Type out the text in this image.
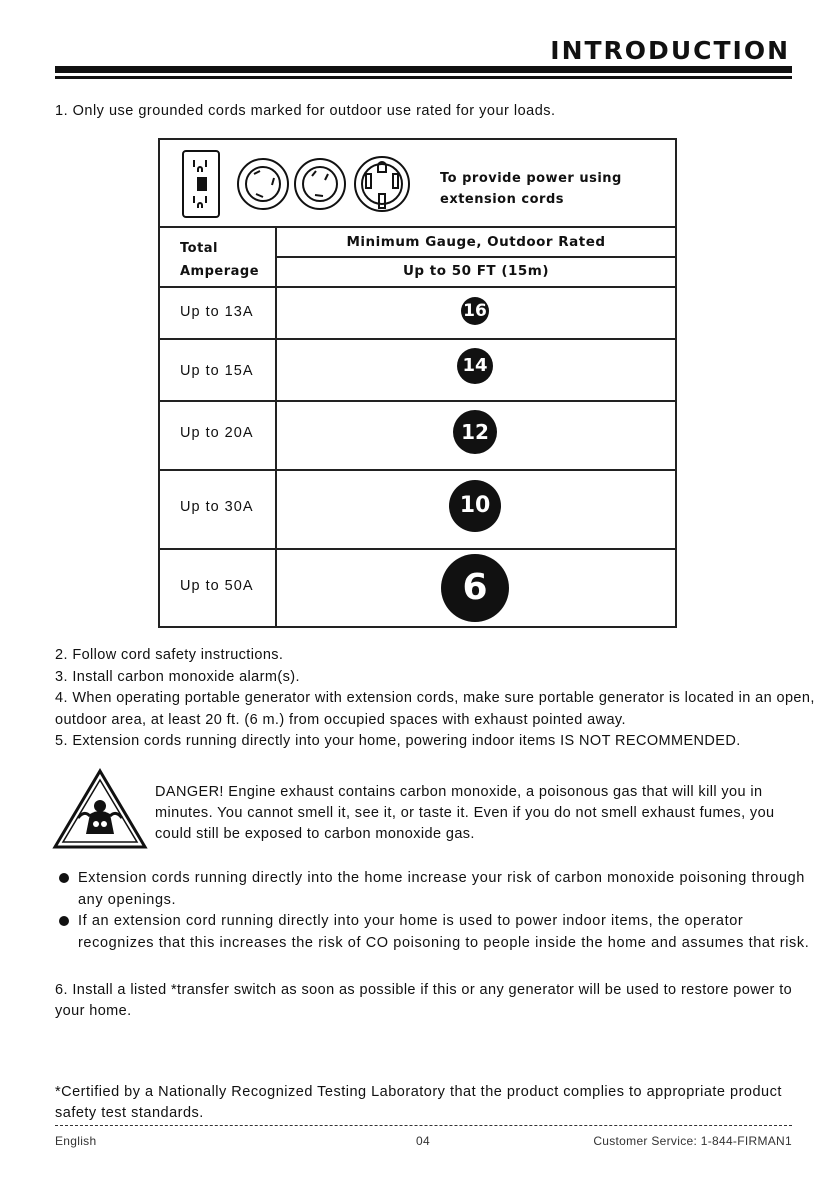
INTRODUCTION
1. Only use grounded cords marked for outdoor use rated for your loads.
To provide power using
extension cords
Total
Amperage
Minimum Gauge, Outdoor Rated
Up to 50 FT (15m)
Up to 13A	16
Up to 15A	14
Up to 20A	12
Up to 30A	10
Up to 50A	6
2. Follow cord safety instructions.
3. Install carbon monoxide alarm(s).
4. When operating portable generator with extension cords, make sure portable generator is located in an open, outdoor area, at least 20 ft. (6 m.) from occupied spaces with exhaust pointed away.
5. Extension cords running directly into your home, powering indoor items IS NOT RECOMMENDED.
DANGER! Engine exhaust contains carbon monoxide, a poisonous gas that will kill you in minutes. You cannot smell it, see it, or taste it. Even if you do not smell exhaust fumes, you could still be exposed to carbon monoxide gas.
Extension cords running directly into the home increase your risk of carbon monoxide poisoning through any openings.
If an extension cord running directly into your home is used to power indoor items, the operator recognizes that this increases the risk of CO poisoning to people inside the home and assumes that risk.
6. Install a listed *transfer switch as soon as possible if this or any generator will be used to restore power to your home.
*Certified by a Nationally Recognized Testing Laboratory that the product complies to appropriate product safety test standards.
English	04	Customer Service: 1-844-FIRMAN1
